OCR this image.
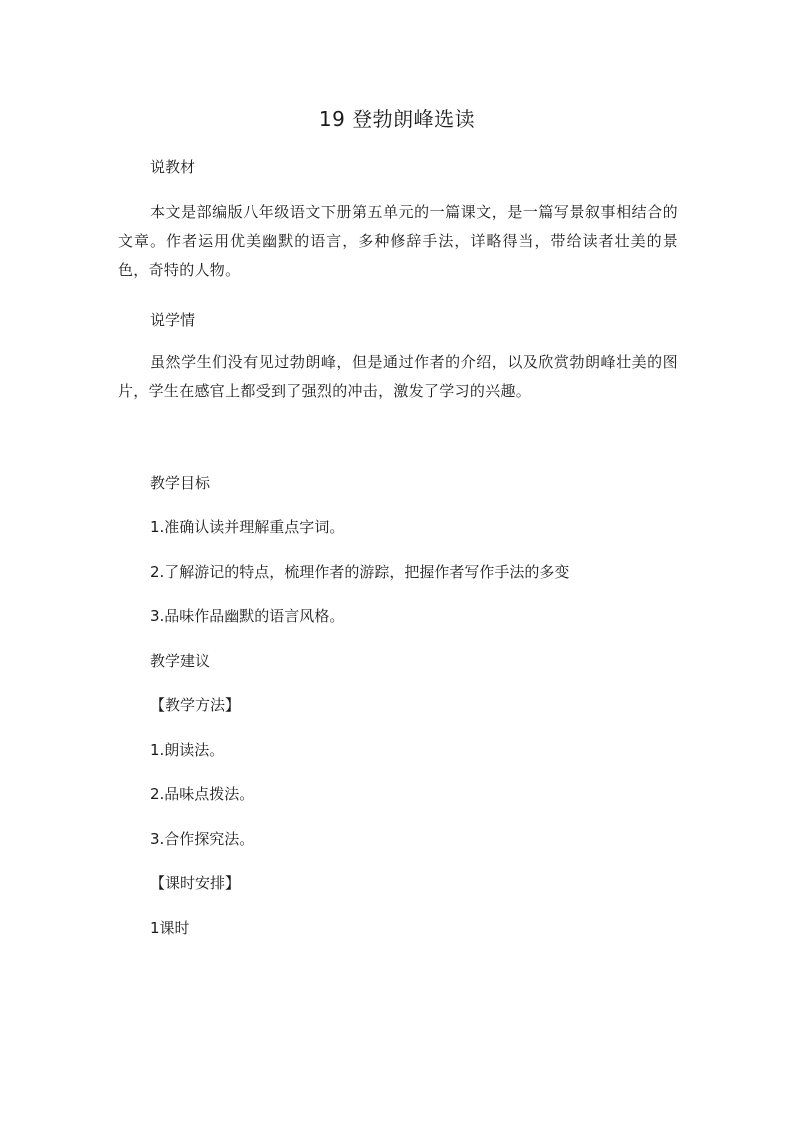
19 登勃朗峰选读
说教材
本文是部编版八年级语文下册第五单元的一篇课文，是一篇写景叙事相结合的文章。作者运用优美幽默的语言，多种修辞手法，详略得当，带给读者壮美的景色，奇特的人物。
说学情
虽然学生们没有见过勃朗峰，但是通过作者的介绍，以及欣赏勃朗峰壮美的图片，学生在感官上都受到了强烈的冲击，激发了学习的兴趣。
教学目标
1.准确认读并理解重点字词。
2.了解游记的特点，梳理作者的游踪，把握作者写作手法的多变
3.品味作品幽默的语言风格。
教学建议
【教学方法】
1.朗读法。
2.品味点拨法。
3.合作探究法。
【课时安排】
1课时
